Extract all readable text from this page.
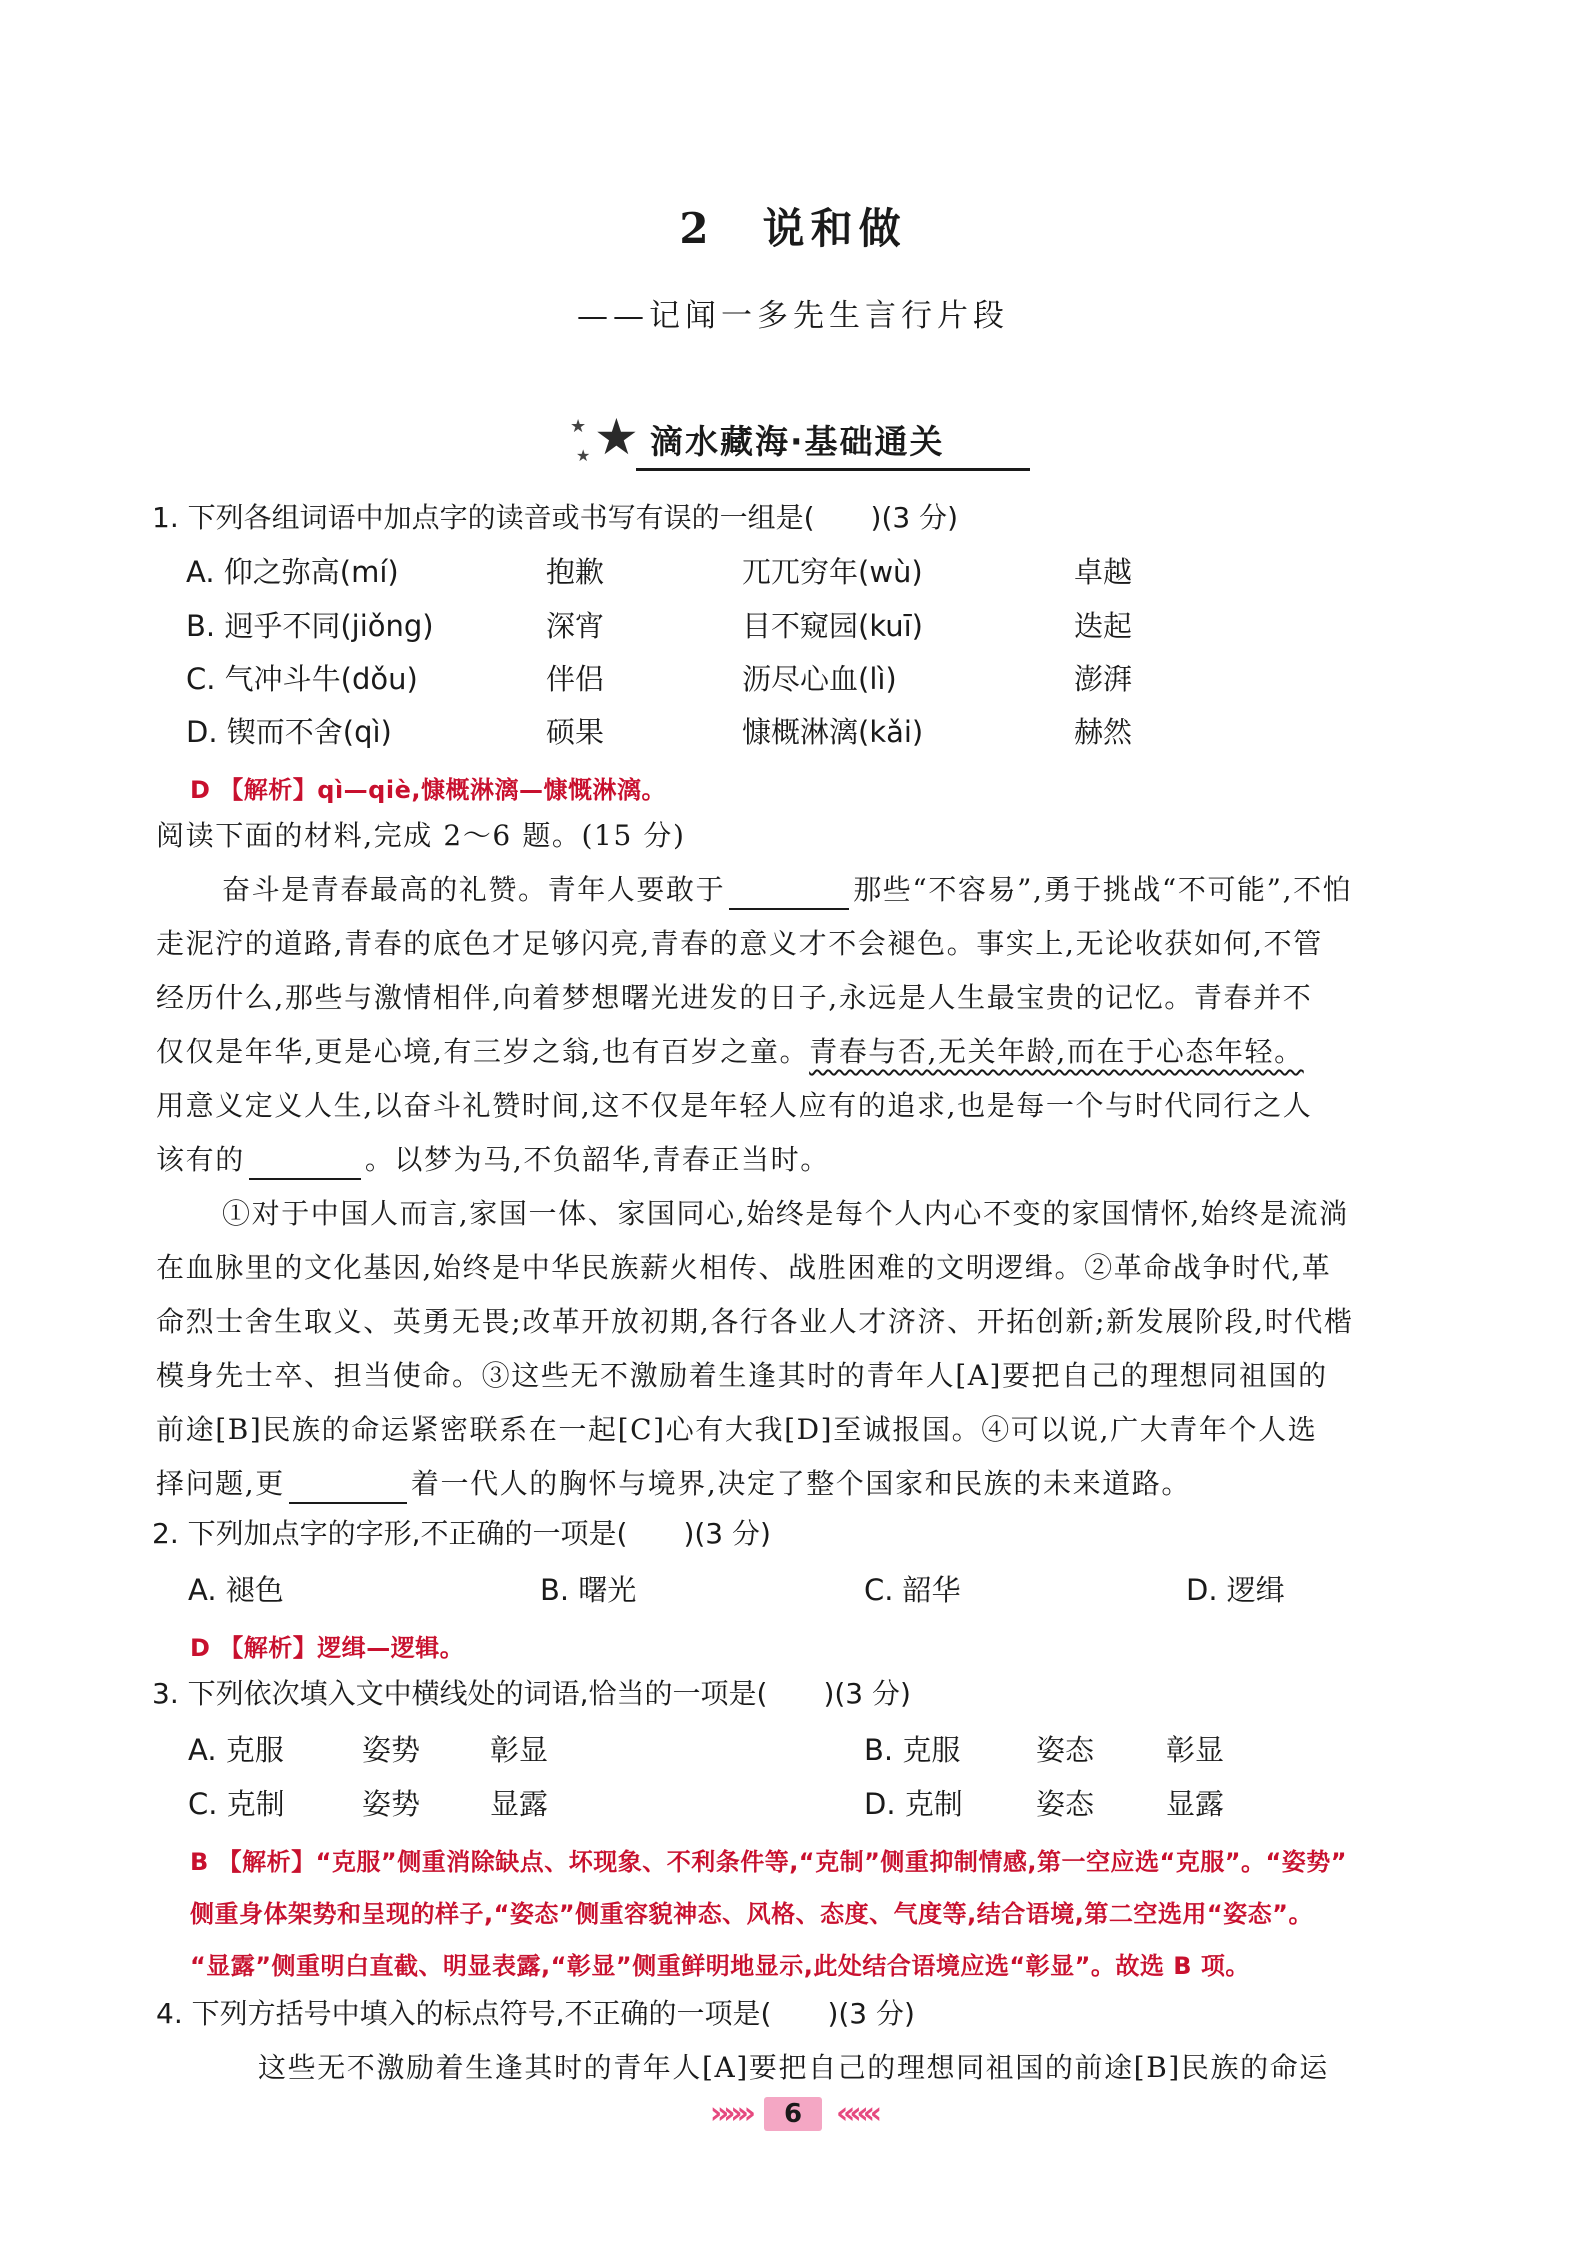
2 说和做
——记闻一多先生言行片段
★
★ ★ 滴水藏海·基础通关
1. 下列各组词语中加点字的读音或书写有误的一组是(　　)(3 分)
A. 仰之弥高(mí)	抱歉	兀兀穷年(wù)	卓越
B. 迥乎不同(jiǒng)	深宵	目不窥园(kuī)	迭起
C. 气冲斗牛(dǒu)	伴侣	沥尽心血(lì)	澎湃
D. 锲而不舍(qì)	硕果	慷概淋漓(kǎi)	赫然
D 【解析】qì—qiè,慷概淋漓—慷慨淋漓。
阅读下面的材料,完成 2～6 题。(15 分)
奋斗是青春最高的礼赞。青年人要敢于	那些“不容易”,勇于挑战“不可能”,不怕
走泥泞的道路,青春的底色才足够闪亮,青春的意义才不会褪色。事实上,无论收获如何,不管
经历什么,那些与激情相伴,向着梦想曙光进发的日子,永远是人生最宝贵的记忆。青春并不
仅仅是年华,更是心境,有三岁之翁,也有百岁之童。青春与否,无关年龄,而在于心态年轻。
用意义定义人生,以奋斗礼赞时间,这不仅是年轻人应有的追求,也是每一个与时代同行之人
该有的	。以梦为马,不负韶华,青春正当时。
①对于中国人而言,家国一体、家国同心,始终是每个人内心不变的家国情怀,始终是流淌
在血脉里的文化基因,始终是中华民族薪火相传、战胜困难的文明逻缉。②革命战争时代,革
命烈士舍生取义、英勇无畏;改革开放初期,各行各业人才济济、开拓创新;新发展阶段,时代楷
模身先士卒、担当使命。③这些无不激励着生逢其时的青年人[A]要把自己的理想同祖国的
前途[B]民族的命运紧密联系在一起[C]心有大我[D]至诚报国。④可以说,广大青年个人选
择问题,更	着一代人的胸怀与境界,决定了整个国家和民族的未来道路。
2. 下列加点字的字形,不正确的一项是(　　)(3 分)
A. 褪色	B. 曙光	C. 韶华	D. 逻缉
D 【解析】逻缉—逻辑。
3. 下列依次填入文中横线处的词语,恰当的一项是(　　)(3 分)
A. 克服	姿势 彰显	B. 克服	姿态 彰显
C. 克制	姿势 显露	D. 克制	姿态 显露
B 【解析】“克服”侧重消除缺点、坏现象、不利条件等,“克制”侧重抑制情感,第一空应选“克服”。“姿势”
侧重身体架势和呈现的样子,“姿态”侧重容貌神态、风格、态度、气度等,结合语境,第二空选用“姿态”。
“显露”侧重明白直截、明显表露,“彰显”侧重鲜明地显示,此处结合语境应选“彰显”。故选 B 项。
4. 下列方括号中填入的标点符号,不正确的一项是(　　)(3 分)
这些无不激励着生逢其时的青年人[A]要把自己的理想同祖国的前途[B]民族的命运
»»» 6 «««
